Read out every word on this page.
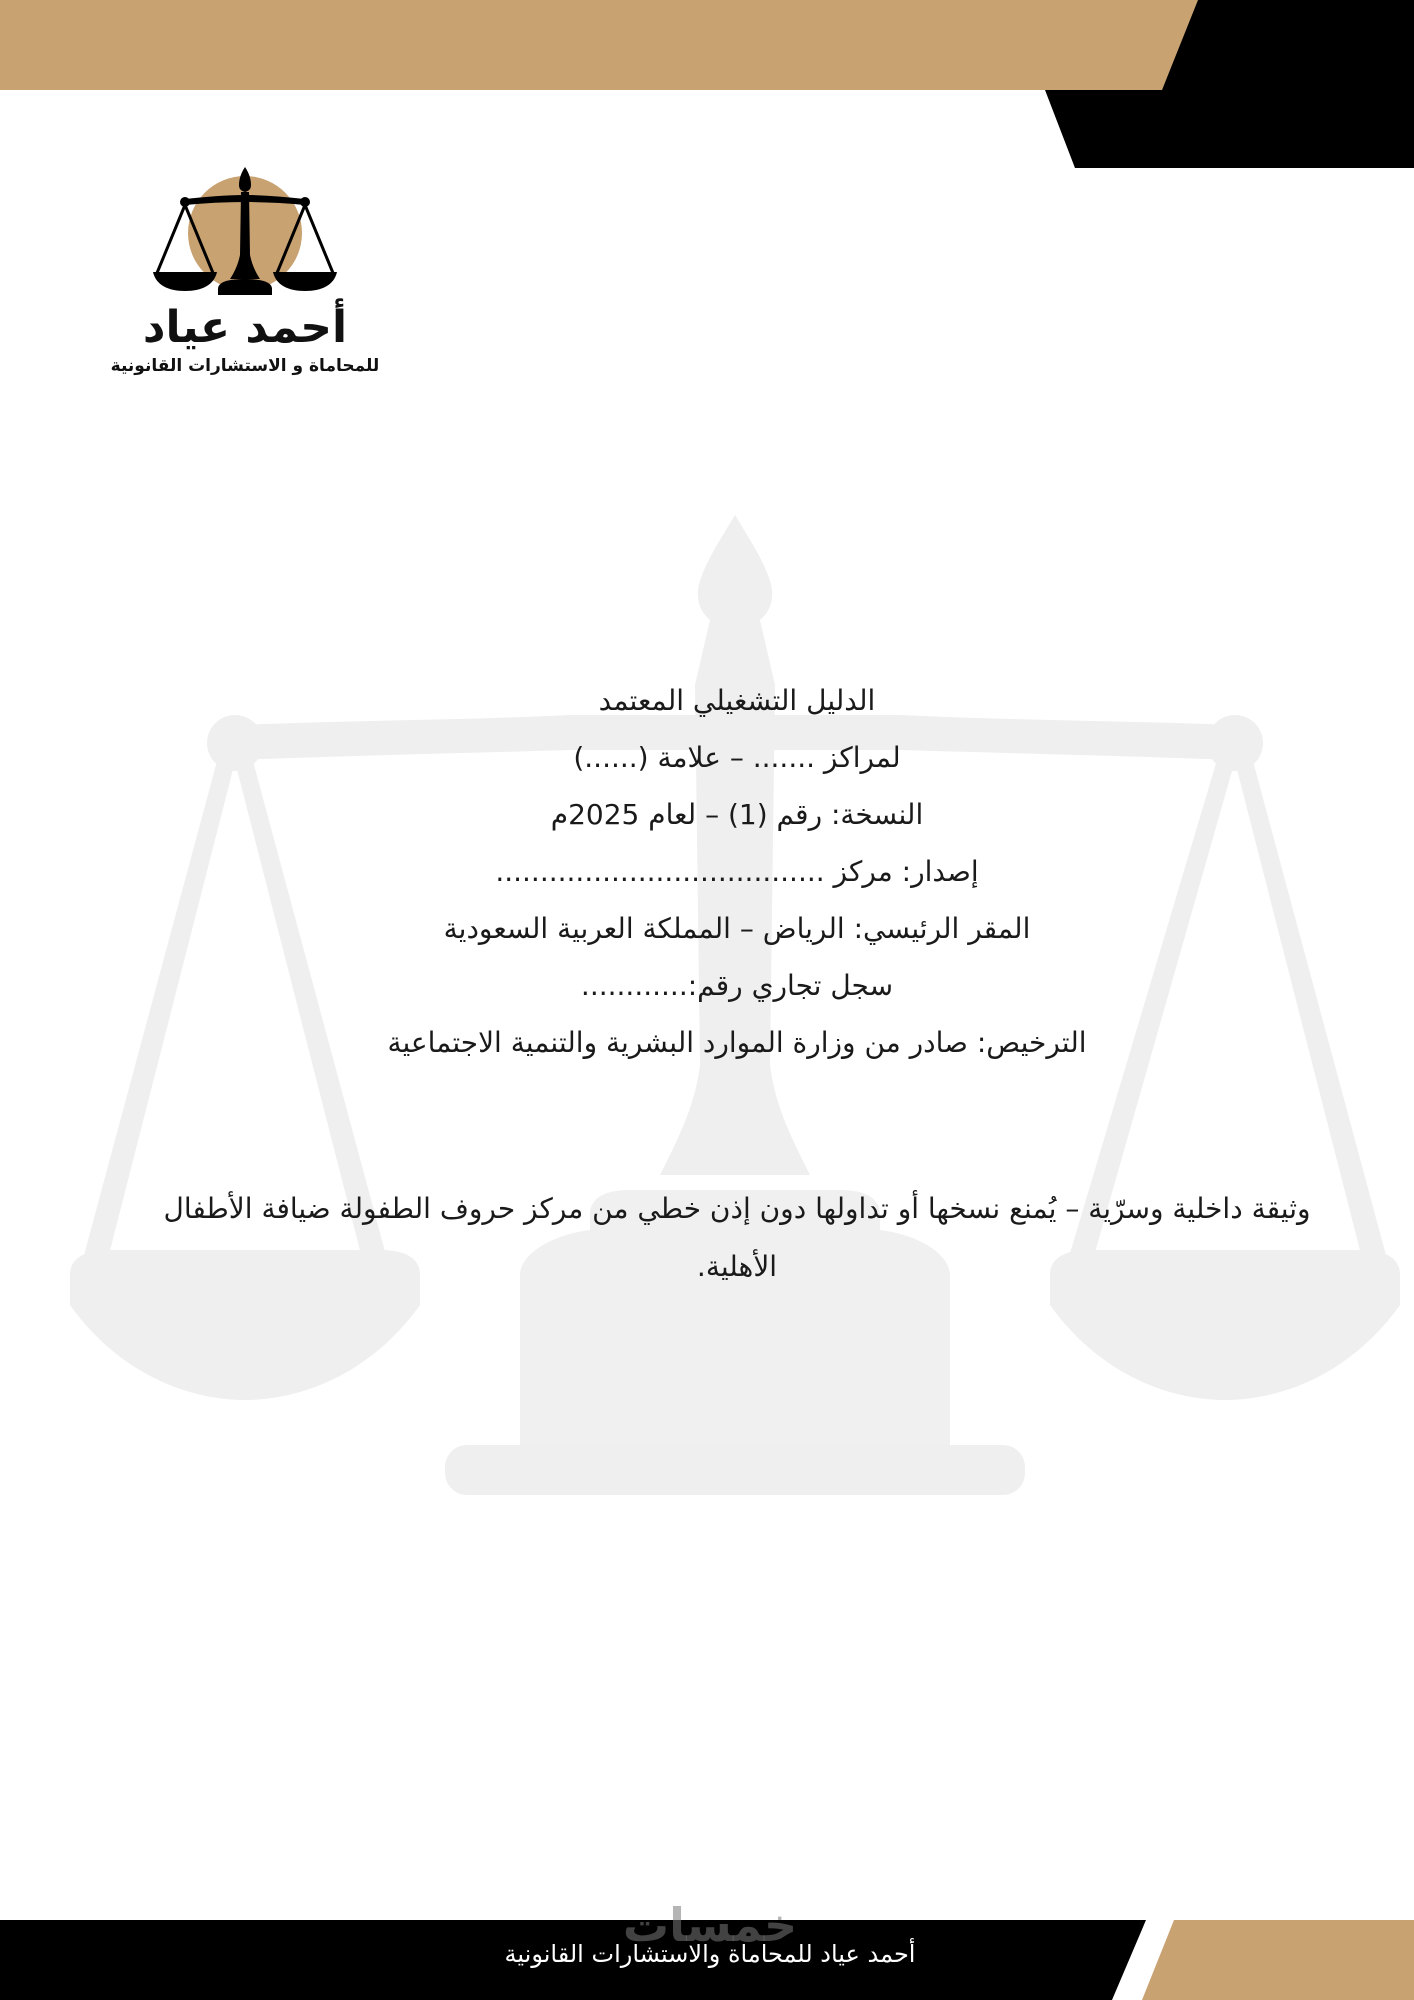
أحمد عياد
للمحاماة و الاستشارات القانونية
الدليل التشغيلي المعتمد
لمراكز ....... – علامة (......)
النسخة: رقم (1) – لعام 2025م
إصدار: مركز .....................................
المقر الرئيسي: الرياض – المملكة العربية السعودية
سجل تجاري رقم:............
الترخيص: صادر من وزارة الموارد البشرية والتنمية الاجتماعية
وثيقة داخلية وسرّية – يُمنع نسخها أو تداولها دون إذن خطي من مركز حروف الطفولة ضيافة الأطفال الأهلية.
خمسات
أحمد عياد للمحاماة والاستشارات القانونية
